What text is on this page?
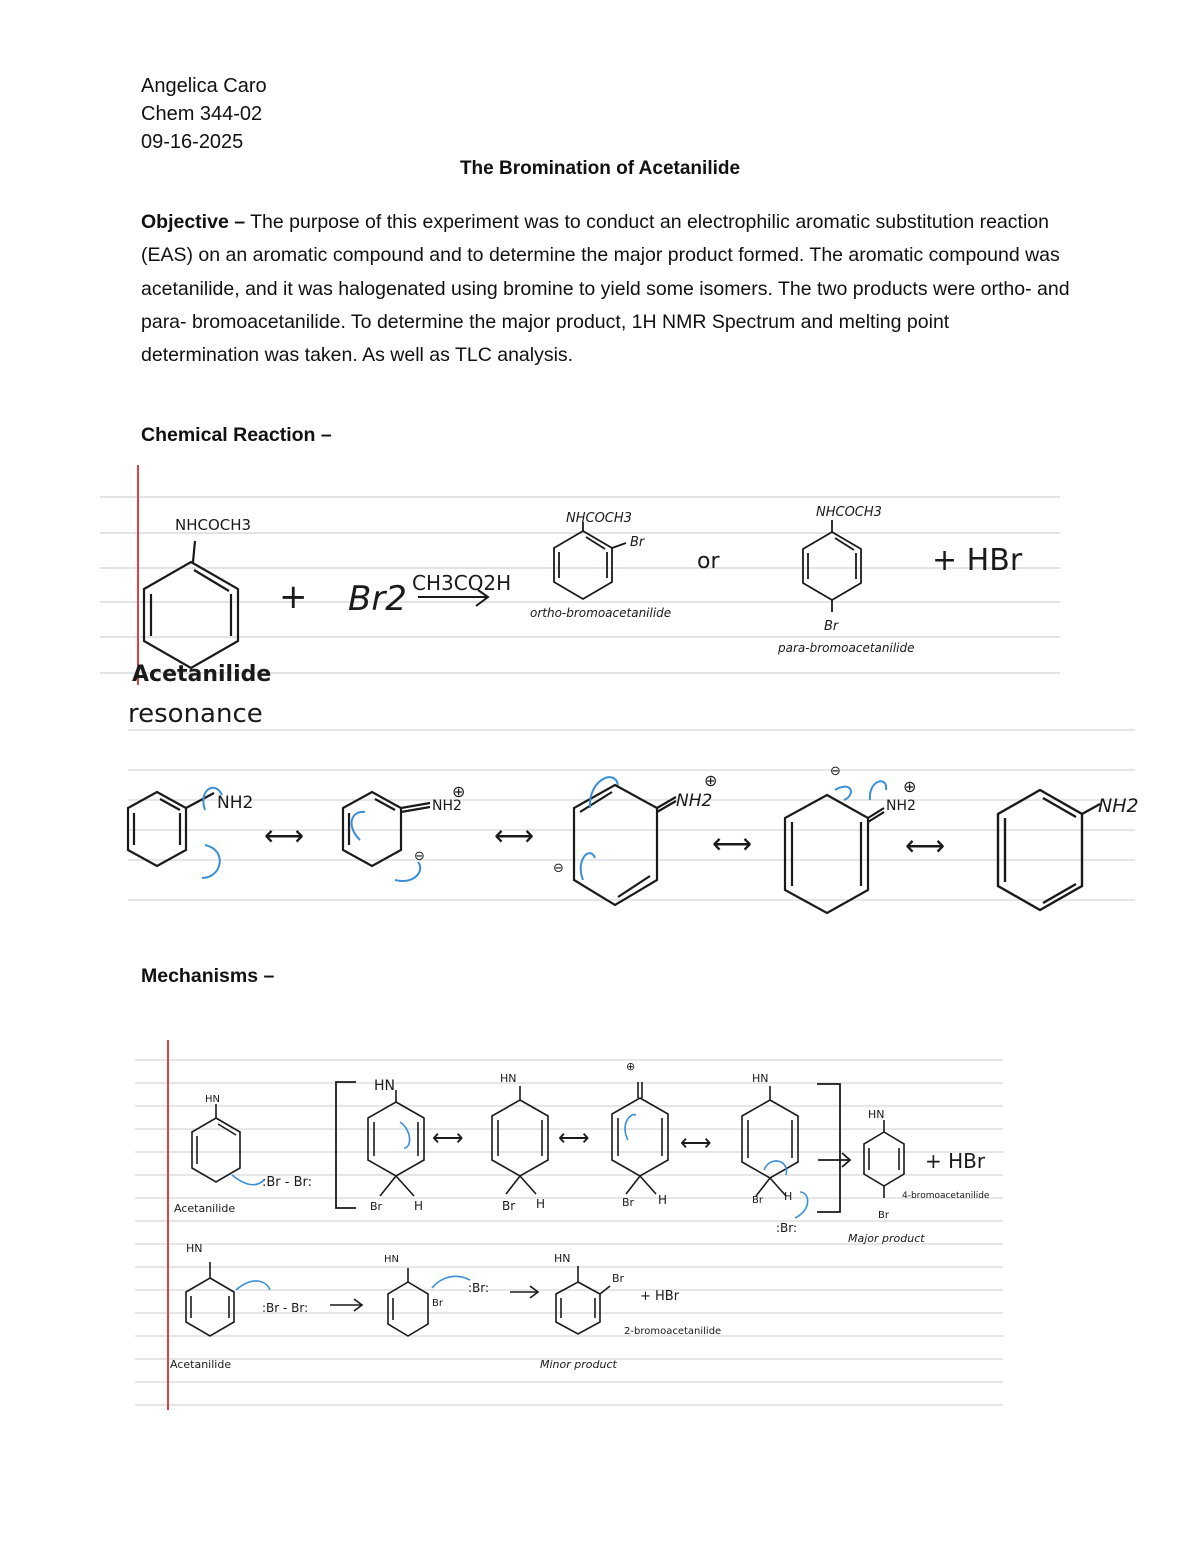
Angelica Caro
Chem 344-02
09-16-2025
The Bromination of Acetanilide
Objective – The purpose of this experiment was to conduct an electrophilic aromatic substitution reaction (EAS) on an aromatic compound and to determine the major product formed. The aromatic compound was acetanilide, and it was halogenated using bromine to yield some isomers. The two products were ortho- and para- bromoacetanilide. To determine the major product, 1H NMR Spectrum and melting point determination was taken. As well as TLC analysis.
Chemical Reaction –
Mechanisms –
NHCOCH3
Acetanilide
+ Br2 CH3CO2H
NHCOCH3
Br
ortho-bromoacetanilide
or
NHCOCH3
Br
para-bromoacetanilide
+ HBr
resonance
NH2
⟷
NH2
⊕
⊖
⟷
NH2
⊕
⊖
⟷
NH2
⊕
⊖
⟷
NH2
HN
:Br - Br:
Acetanilide
HN
Br	H
⟷
HN
Br H
⟷
⊕
Br H
⟷
HN
Br H
:Br:
HN
Br
+ HBr
4-bromoacetanilide
Major product
HN
:Br - Br:
Acetanilide
HN
Br
:Br:
HN
Br
+ HBr
2-bromoacetanilide
Minor product
